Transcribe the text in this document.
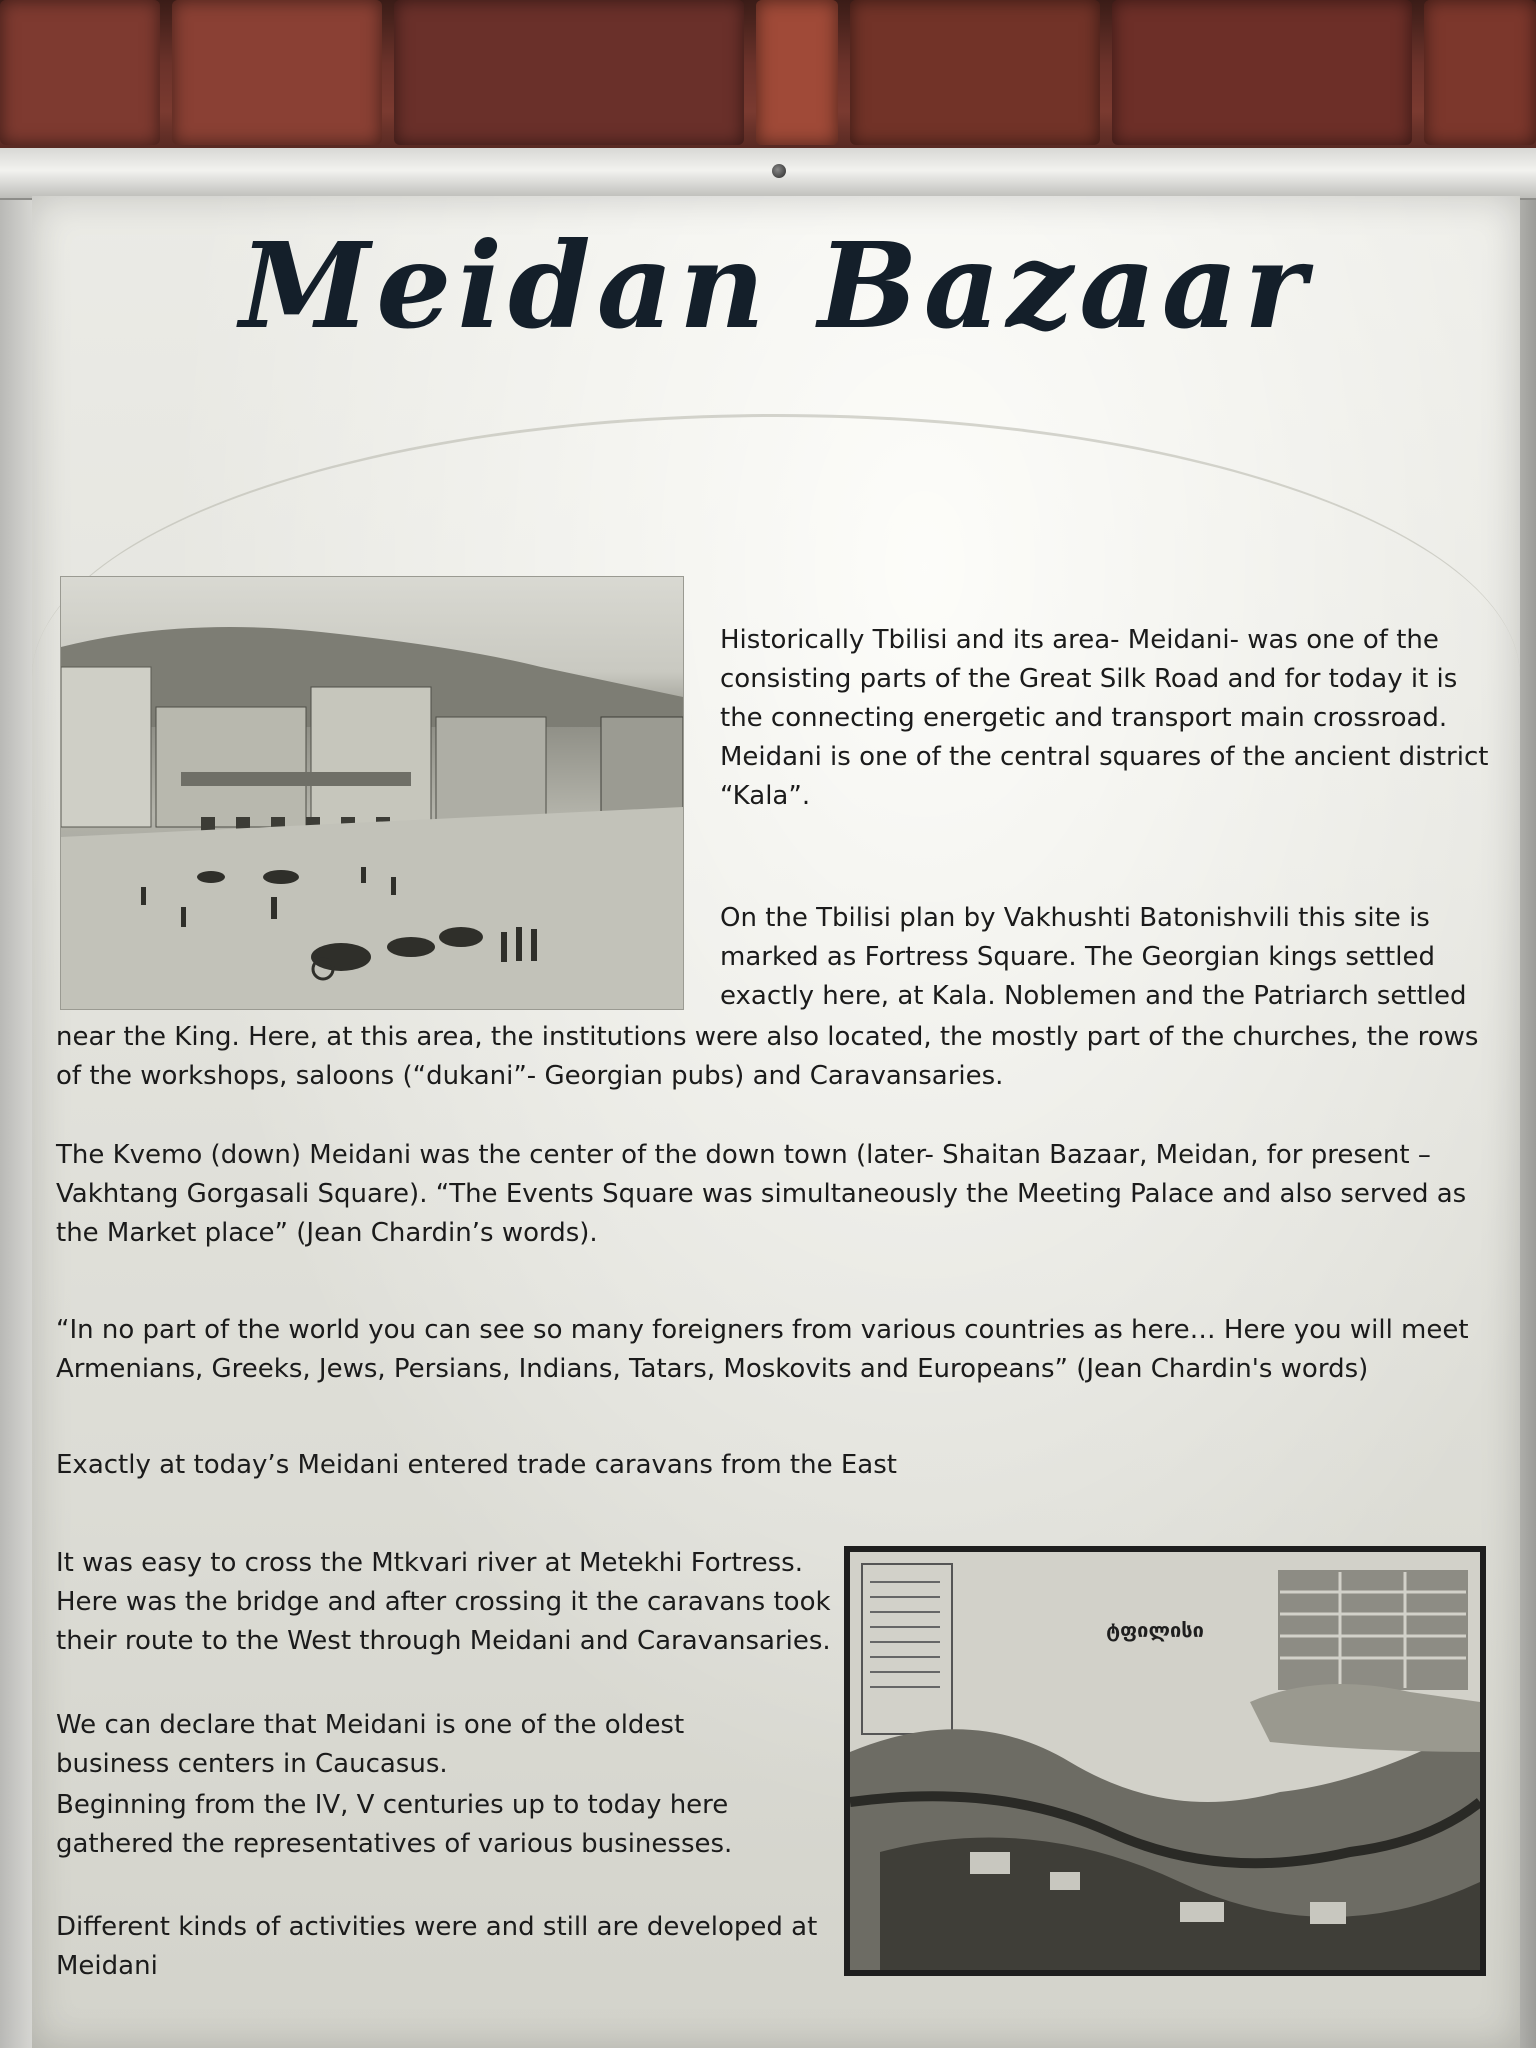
Meidan Bazaar

Historically Tbilisi and its area- Meidani- was one of the consisting parts of the Great Silk Road and for today it is the connecting energetic and transport main crossroad. Meidani is one of the central squares of the ancient district “Kala”.

On the Tbilisi plan by Vakhushti Batonishvili this site is marked as Fortress Square. The Georgian kings settled exactly here, at Kala. Noblemen and the Patriarch settled

near the King. Here, at this area, the institutions were also located, the mostly part of the churches, the rows of the workshops, saloons (“dukani”- Georgian pubs) and Caravansaries.

The Kvemo (down) Meidani was the center of the down town (later- Shaitan Bazaar, Meidan, for present – Vakhtang Gorgasali Square). “The Events Square was simultaneously the Meeting Palace and also served as the Market place” (Jean Chardin’s words).

“In no part of the world you can see so many foreigners from various countries as here… Here you will meet Armenians, Greeks, Jews, Persians, Indians, Tatars, Moskovits and Europeans” (Jean Chardin's words)

Exactly at today’s Meidani entered trade caravans from the East

It was easy to cross the Mtkvari river at Metekhi Fortress. Here was the bridge and after crossing it the caravans took their route to the West through Meidani and Caravansaries.

We can declare that Meidani is one of the oldest business centers in Caucasus.

Beginning from the IV, V centuries up to today here gathered the representatives of various businesses.

Different kinds of activities were and still are developed at Meidani

ტფილისი
